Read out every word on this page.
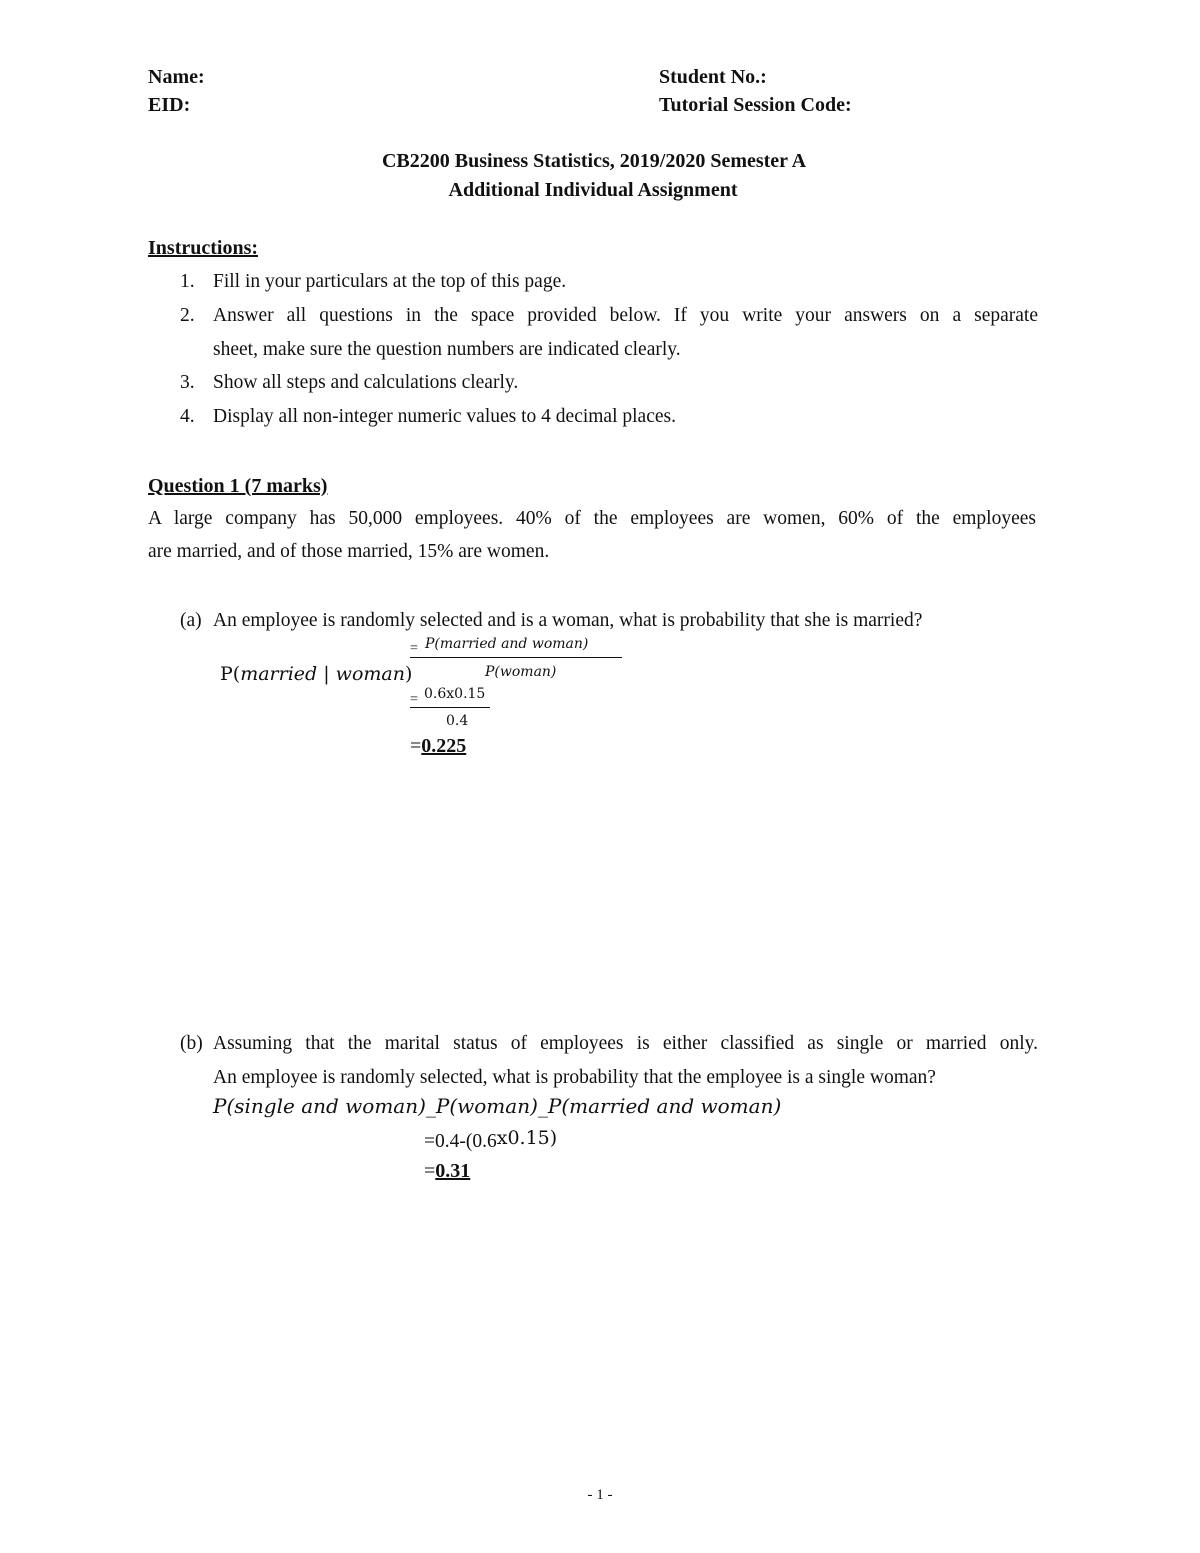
Name:
EID:
Student No.:
Tutorial Session Code:
CB2200 Business Statistics, 2019/2020 Semester A
Additional Individual Assignment
Instructions:
1. Fill in your particulars at the top of this page.
2. Answer all questions in the space provided below. If you write your answers on a separate
sheet, make sure the question numbers are indicated clearly.
3. Show all steps and calculations clearly.
4. Display all non-integer numeric values to 4 decimal places.
Question 1 (7 marks)
A large company has 50,000 employees. 40% of the employees are women, 60% of the employees
are married, and of those married, 15% are women.
(a) An employee is randomly selected and is a woman, what is probability that she is married?
P(married | woman)
= P(married and woman)
P(woman)
= 0.6x0.15
0.4
=0.225
(b) Assuming that the marital status of employees is either classified as single or married only.
An employee is randomly selected, what is probability that the employee is a single woman?
P(single and woman)_P(woman)_P(married and woman)
=0.4-(0.6x0.15)
=0.31
- 1 -
